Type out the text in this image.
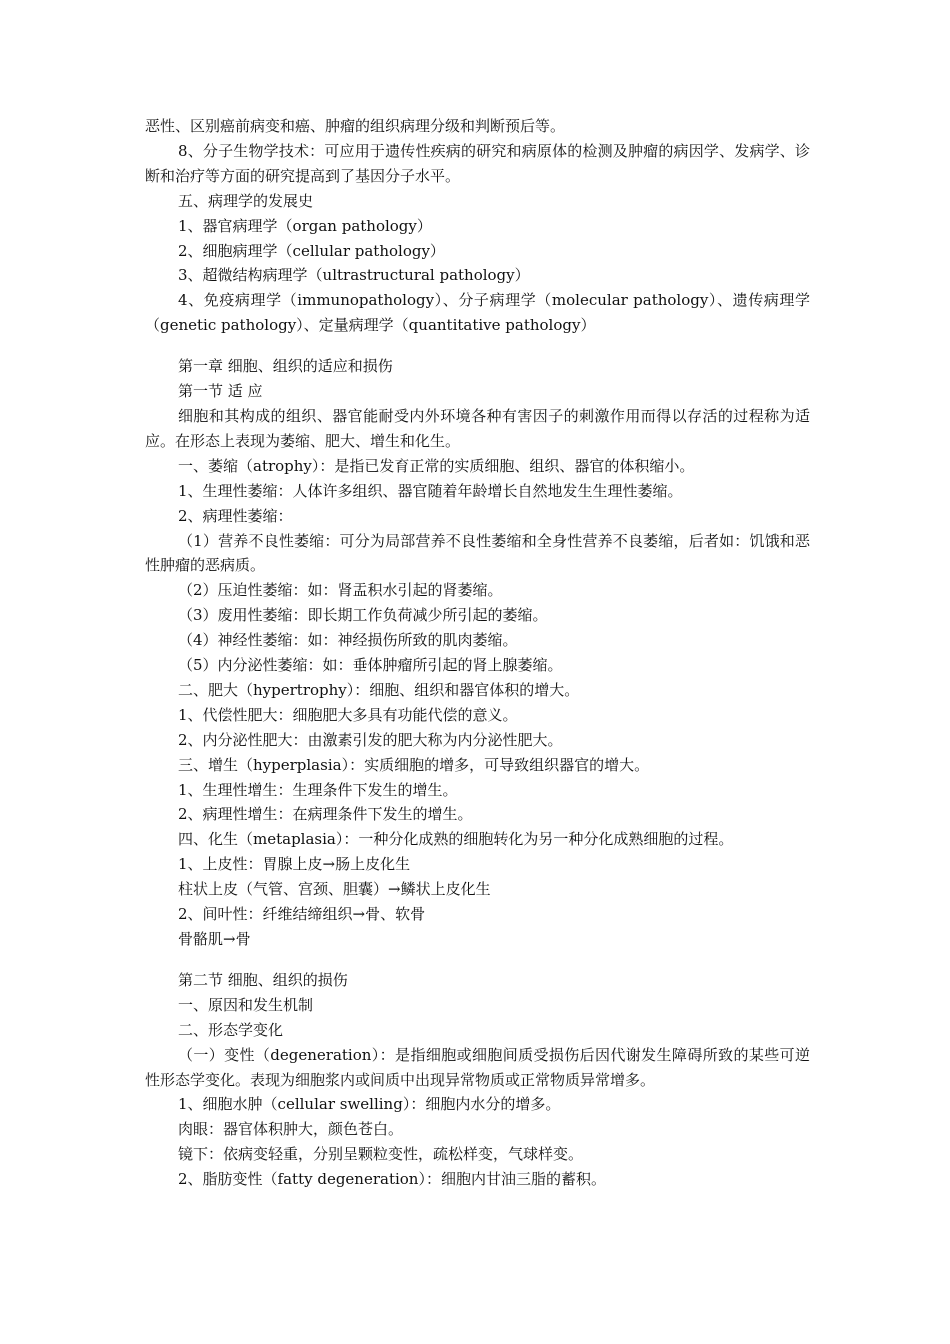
恶性、区别癌前病变和癌、肿瘤的组织病理分级和判断预后等。

8、分子生物学技术：可应用于遗传性疾病的研究和病原体的检测及肿瘤的病因学、发病学、诊断和治疗等方面的研究提高到了基因分子水平。

五、病理学的发展史

1、器官病理学（organ pathology）

2、细胞病理学（cellular pathology）

3、超微结构病理学（ultrastructural pathology）

4、免疫病理学（immunopathology）、分子病理学（molecular pathology）、遗传病理学（genetic pathology）、定量病理学（quantitative pathology）

第一章 细胞、组织的适应和损伤

第一节 适 应

细胞和其构成的组织、器官能耐受内外环境各种有害因子的刺激作用而得以存活的过程称为适应。在形态上表现为萎缩、肥大、增生和化生。

一、萎缩（atrophy）：是指已发育正常的实质细胞、组织、器官的体积缩小。

1、生理性萎缩：人体许多组织、器官随着年龄增长自然地发生生理性萎缩。

2、病理性萎缩：

（1）营养不良性萎缩：可分为局部营养不良性萎缩和全身性营养不良萎缩，后者如：饥饿和恶性肿瘤的恶病质。

（2）压迫性萎缩：如：肾盂积水引起的肾萎缩。

（3）废用性萎缩：即长期工作负荷减少所引起的萎缩。

（4）神经性萎缩：如：神经损伤所致的肌肉萎缩。

（5）内分泌性萎缩：如：垂体肿瘤所引起的肾上腺萎缩。

二、肥大（hypertrophy）：细胞、组织和器官体积的增大。

1、代偿性肥大：细胞肥大多具有功能代偿的意义。

2、内分泌性肥大：由激素引发的肥大称为内分泌性肥大。

三、增生（hyperplasia）：实质细胞的增多，可导致组织器官的增大。

1、生理性增生：生理条件下发生的增生。

2、病理性增生：在病理条件下发生的增生。

四、化生（metaplasia）：一种分化成熟的细胞转化为另一种分化成熟细胞的过程。

1、上皮性：胃腺上皮→肠上皮化生

柱状上皮（气管、宫颈、胆囊）→鳞状上皮化生

2、间叶性：纤维结缔组织→骨、软骨

骨骼肌→骨

第二节 细胞、组织的损伤

一、原因和发生机制

二、形态学变化

（一）变性（degeneration）：是指细胞或细胞间质受损伤后因代谢发生障碍所致的某些可逆性形态学变化。表现为细胞浆内或间质中出现异常物质或正常物质异常增多。

1、细胞水肿（cellular swelling）：细胞内水分的增多。

肉眼：器官体积肿大，颜色苍白。

镜下：依病变轻重，分别呈颗粒变性，疏松样变，气球样变。

2、脂肪变性（fatty degeneration）：细胞内甘油三脂的蓄积。
